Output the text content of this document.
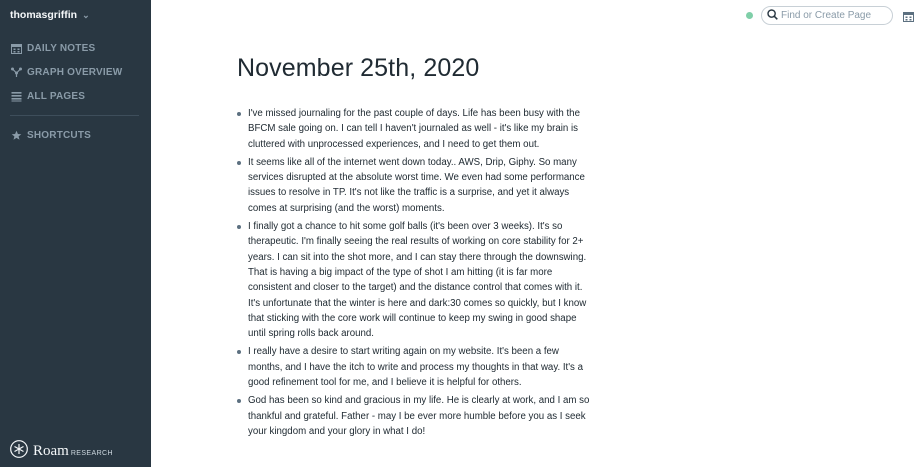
thomasgriffin ⌄
DAILY NOTES
GRAPH OVERVIEW
ALL PAGES
SHORTCUTS
Roam RESEARCH
Find or Create Page
November 25th, 2020
I've missed journaling for the past couple of days. Life has been busy with the BFCM sale going on. I can tell I haven't journaled as well - it's like my brain is cluttered with unprocessed experiences, and I need to get them out.
It seems like all of the internet went down today.. AWS, Drip, Giphy. So many services disrupted at the absolute worst time. We even had some performance issues to resolve in TP. It's not like the traffic is a surprise, and yet it always comes at surprising (and the worst) moments.
I finally got a chance to hit some golf balls (it's been over 3 weeks). It's so therapeutic. I'm finally seeing the real results of working on core stability for 2+ years. I can sit into the shot more, and I can stay there through the downswing. That is having a big impact of the type of shot I am hitting (it is far more consistent and closer to the target) and the distance control that comes with it. It's unfortunate that the winter is here and dark:30 comes so quickly, but I know that sticking with the core work will continue to keep my swing in good shape until spring rolls back around.
I really have a desire to start writing again on my website. It's been a few months, and I have the itch to write and process my thoughts in that way. It's a good refinement tool for me, and I believe it is helpful for others.
God has been so kind and gracious in my life. He is clearly at work, and I am so thankful and grateful. Father - may I be ever more humble before you as I seek your kingdom and your glory in what I do!
